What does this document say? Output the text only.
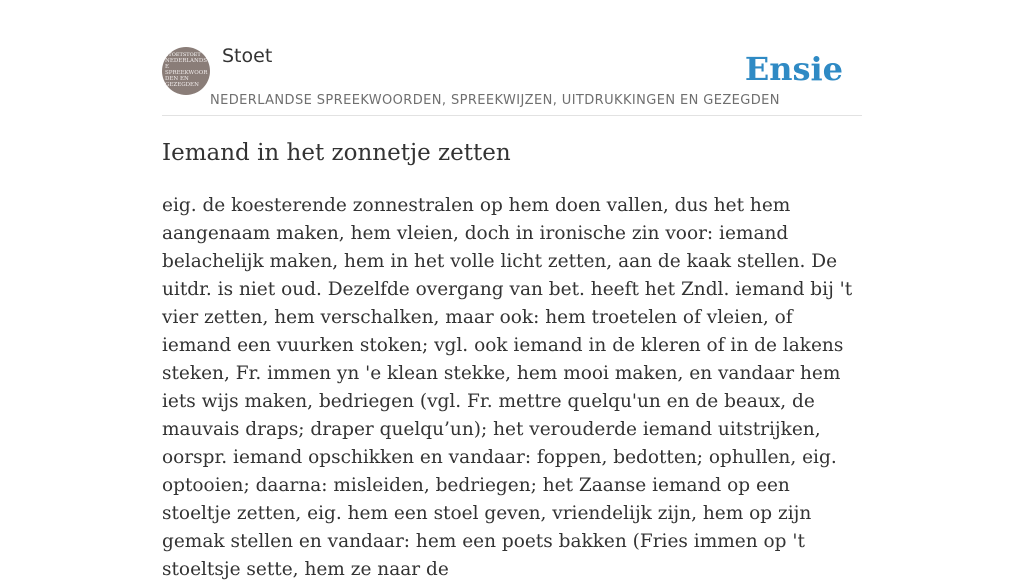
STOETSTOET
NEDERLANDSE SPREEKWOORDEN EN GEZEGDEN
Stoet
NEDERLANDSE SPREEKWOORDEN, SPREEKWIJZEN, UITDRUKKINGEN EN GEZEGDEN
Ensie
Iemand in het zonnetje zetten

eig. de koesterende zonnestralen op hem doen vallen, dus het hem aangenaam maken, hem vleien, doch in ironische zin voor: iemand belachelijk maken, hem in het volle licht zetten, aan de kaak stellen. De uitdr. is niet oud. Dezelfde overgang van bet. heeft het Zndl. iemand bij 't vier zetten, hem verschalken, maar ook: hem troetelen of vleien, of iemand een vuurken stoken; vgl. ook iemand in de kleren of in de lakens steken, Fr. immen yn 'e klean stekke, hem mooi maken, en vandaar hem iets wijs maken, bedriegen (vgl. Fr. mettre quelqu'un en de beaux, de mauvais draps; draper quelqu’un); het verouderde iemand uitstrijken, oorspr. iemand opschikken en vandaar: foppen, bedotten; ophullen, eig. optooien; daarna: misleiden, bedriegen; het Zaanse iemand op een stoeltje zetten, eig. hem een stoel geven, vriendelijk zijn, hem op zijn gemak stellen en vandaar: hem een poets bakken (Fries immen op 't stoeltsje sette, hem ze naar de
